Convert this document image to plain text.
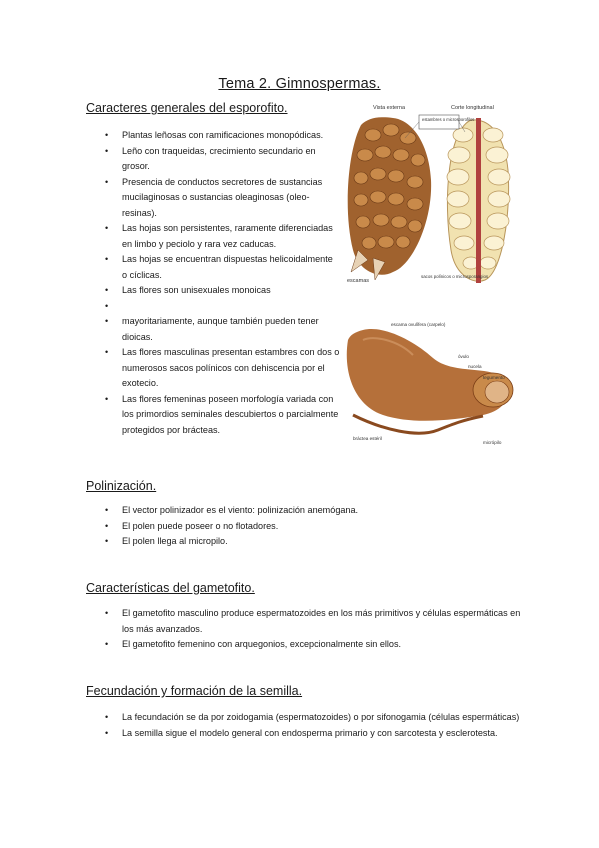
Tema 2. Gimnospermas.
Caracteres generales del esporofito.
• Plantas leñosas con ramificaciones monopódicas.
• Leño con traqueidas, crecimiento secundario en grosor.
• Presencia de conductos secretores de sustancias mucilaginosas o sustancias oleaginosas (oleo-resinas).
• Las hojas son persistentes, raramente diferenciadas en limbo y peciolo y rara vez caducas.
• Las hojas se encuentran dispuestas helicoidalmente o cíclicas.
• Las flores son unisexuales monoicas
•
• mayoritariamente, aunque también pueden tener dioicas.
• Las flores masculinas presentan estambres con dos o numerosos sacos polínicos con dehiscencia por el exotecio.
• Las flores femeninas poseen morfología variada con los primordios seminales descubiertos o parcialmente protegidos por brácteas.
Polinización.
• El vector polinizador es el viento: polinización anemógana.
• El polen puede poseer o no flotadores.
• El polen llega al micropilo.
Características del gametofito.
• El gametofito masculino produce espermatozoides en los más primitivos y células espermáticas en los más avanzados.
• El gametofito femenino con arquegonios, excepcionalmente sin ellos.
Fecundación y formación de la semilla.
• La fecundación se da por zoidogamia (espermatozoides) o por sifonogamia (células espermáticas)
• La semilla sigue el modelo general con endosperma primario y con sarcotesta y esclerotesta.
Vista externa	Corte longitudinal
estambres o microsporofilos
escamas
sacos polínicos o microsporangios
escama ovulífera (carpelo)
óvulo
nucela
tegumento
bráctea estéril
micrópilo
